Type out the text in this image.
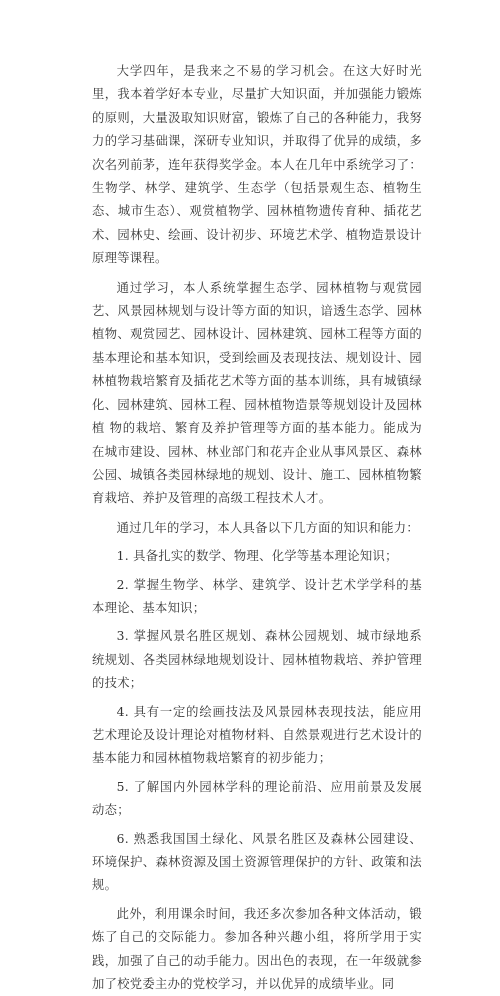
大学四年，是我来之不易的学习机会。在这大好时光里，我本着学好本专业，尽量扩大知识面，并加强能力锻炼的原则，大量汲取知识财富，锻炼了自己的各种能力，我努力的学习基础课，深研专业知识，并取得了优异的成绩，多次名列前茅，连年获得奖学金。本人在几年中系统学习了：生物学、林学、建筑学、生态学（包括景观生态、植物生态、城市生态）、观赏植物学、园林植物遗传育种、插花艺术、园林史、绘画、设计初步、环境艺术学、植物造景设计原理等课程。

通过学习，本人系统掌握生态学、园林植物与观赏园艺、风景园林规划与设计等方面的知识，谙透生态学、园林植物、观赏园艺、园林设计、园林建筑、园林工程等方面的基本理论和基本知识，受到绘画及表现技法、规划设计、园林植物栽培繁育及插花艺术等方面的基本训练，具有城镇绿化、园林建筑、园林工程、园林植物造景等规划设计及园林植 物的栽培、繁育及养护管理等方面的基本能力。能成为在城市建设、园林、林业部门和花卉企业从事风景区、森林公园、城镇各类园林绿地的规划、设计、施工、园林植物繁育栽培、养护及管理的高级工程技术人才。

通过几年的学习，本人具备以下几方面的知识和能力：

1. 具备扎实的数学、物理、化学等基本理论知识；

2. 掌握生物学、林学、建筑学、设计艺术学学科的基本理论、基本知识；

3. 掌握风景名胜区规划、森林公园规划、城市绿地系统规划、各类园林绿地规划设计、园林植物栽培、养护管理的技术；

4. 具有一定的绘画技法及风景园林表现技法，能应用艺术理论及设计理论对植物材料、自然景观进行艺术设计的基本能力和园林植物栽培繁育的初步能力；

5. 了解国内外园林学科的理论前沿、应用前景及发展动态；

6. 熟悉我国国土绿化、风景名胜区及森林公园建设、环境保护、森林资源及国土资源管理保护的方针、政策和法规。

此外，利用课余时间，我还多次参加各种文体活动，锻炼了自己的交际能力。参加各种兴趣小组，将所学用于实践，加强了自己的动手能力。因出色的表现，在一年级就参加了校党委主办的党校学习，并以优异的成绩毕业。同
